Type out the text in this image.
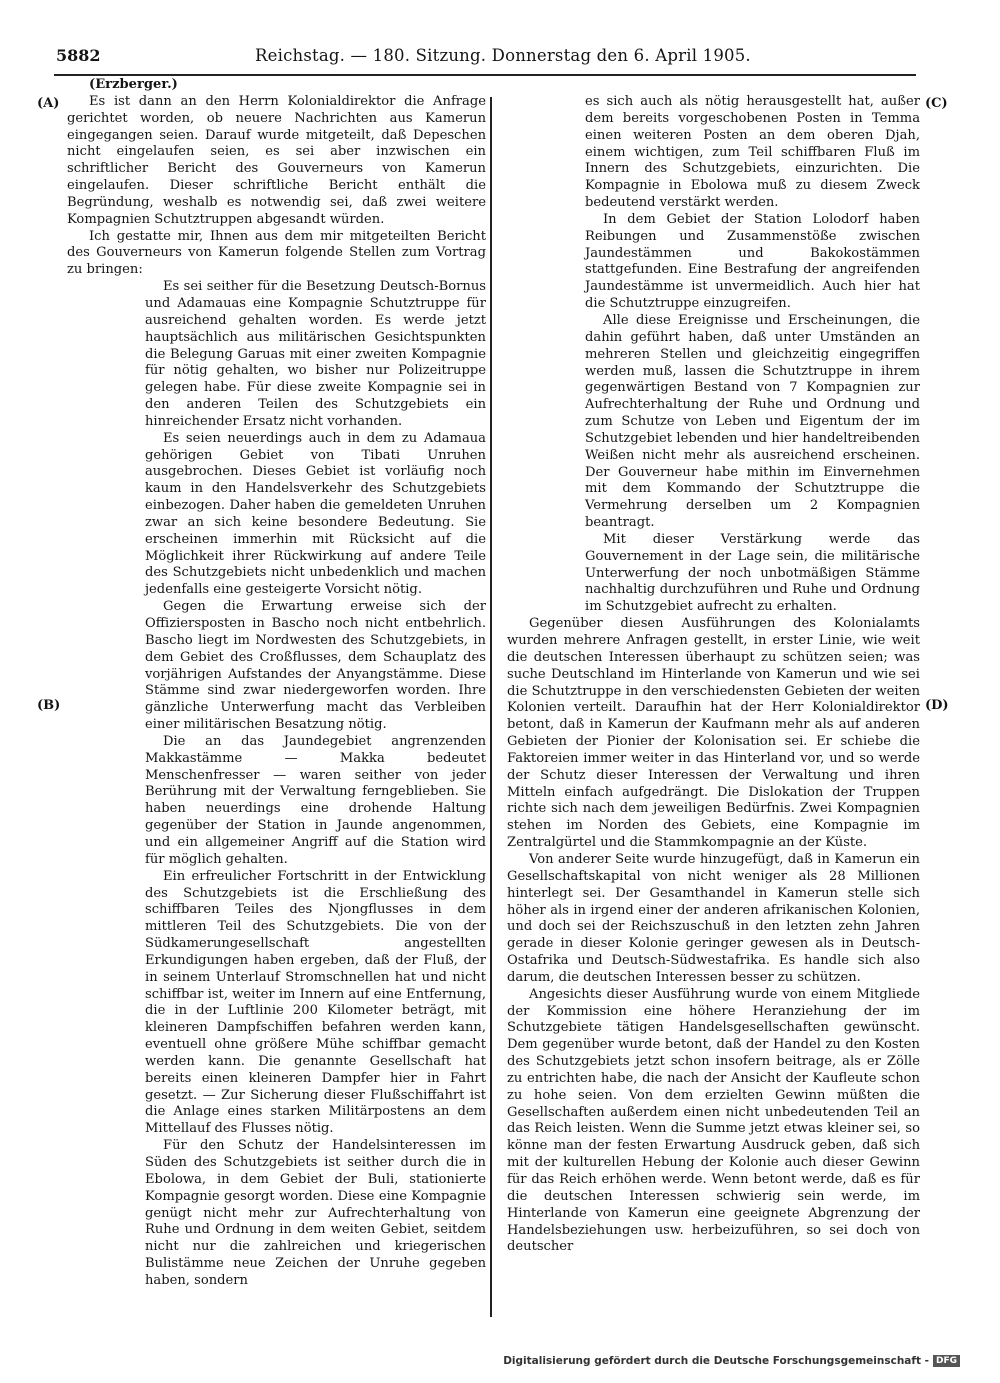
5882	Reichstag. — 180. Sitzung. Donnerstag den 6. April 1905.
(A)
(B)
(C)
(D)

(Erzberger.)

Es ist dann an den Herrn Kolonialdirektor die Anfrage gerichtet worden, ob neuere Nachrichten aus Kamerun eingegangen seien. Darauf wurde mitgeteilt, daß Depeschen nicht eingelaufen seien, es sei aber inzwischen ein schriftlicher Bericht des Gouverneurs von Kamerun eingelaufen. Dieser schriftliche Bericht enthält die Begründung, weshalb es notwendig sei, daß zwei weitere Kompagnien Schutztruppen abgesandt würden.

Ich gestatte mir, Ihnen aus dem mir mitgeteilten Bericht des Gouverneurs von Kamerun folgende Stellen zum Vortrag zu bringen:

Es sei seither für die Besetzung Deutsch-Bornus und Adamauas eine Kompagnie Schutztruppe für ausreichend gehalten worden. Es werde jetzt hauptsächlich aus militärischen Gesichtspunkten die Belegung Garuas mit einer zweiten Kompagnie für nötig gehalten, wo bisher nur Polizeitruppe gelegen habe. Für diese zweite Kompagnie sei in den anderen Teilen des Schutzgebiets ein hinreichender Ersatz nicht vorhanden.

Es seien neuerdings auch in dem zu Adamaua gehörigen Gebiet von Tibati Unruhen ausgebrochen. Dieses Gebiet ist vorläufig noch kaum in den Handelsverkehr des Schutzgebiets einbezogen. Daher haben die gemeldeten Unruhen zwar an sich keine besondere Bedeutung. Sie erscheinen immerhin mit Rücksicht auf die Möglichkeit ihrer Rückwirkung auf andere Teile des Schutzgebiets nicht unbedenklich und machen jedenfalls eine gesteigerte Vorsicht nötig.

Gegen die Erwartung erweise sich der Offiziersposten in Bascho noch nicht entbehrlich. Bascho liegt im Nordwesten des Schutzgebiets, in dem Gebiet des Croßflusses, dem Schauplatz des vorjährigen Aufstandes der Anyangstämme. Diese Stämme sind zwar niedergeworfen worden. Ihre gänzliche Unterwerfung macht das Verbleiben einer militärischen Besatzung nötig.

Die an das Jaundegebiet angrenzenden Makkastämme — Makka bedeutet Menschenfresser — waren seither von jeder Berührung mit der Verwaltung ferngeblieben. Sie haben neuerdings eine drohende Haltung gegenüber der Station in Jaunde angenommen, und ein allgemeiner Angriff auf die Station wird für möglich gehalten.

Ein erfreulicher Fortschritt in der Entwicklung des Schutzgebiets ist die Erschließung des schiffbaren Teiles des Njongflusses in dem mittleren Teil des Schutzgebiets. Die von der Südkamerungesellschaft angestellten Erkundigungen haben ergeben, daß der Fluß, der in seinem Unterlauf Stromschnellen hat und nicht schiffbar ist, weiter im Innern auf eine Entfernung, die in der Luftlinie 200 Kilometer beträgt, mit kleineren Dampfschiffen befahren werden kann, eventuell ohne größere Mühe schiffbar gemacht werden kann. Die genannte Gesellschaft hat bereits einen kleineren Dampfer hier in Fahrt gesetzt. — Zur Sicherung dieser Flußschiffahrt ist die Anlage eines starken Militärpostens an dem Mittellauf des Flusses nötig.

Für den Schutz der Handelsinteressen im Süden des Schutzgebiets ist seither durch die in Ebolowa, in dem Gebiet der Buli, stationierte Kompagnie gesorgt worden. Diese eine Kompagnie genügt nicht mehr zur Aufrechterhaltung von Ruhe und Ordnung in dem weiten Gebiet, seitdem nicht nur die zahlreichen und kriegerischen Bulistämme neue Zeichen der Unruhe gegeben haben, sondern

es sich auch als nötig herausgestellt hat, außer dem bereits vorgeschobenen Posten in Temma einen weiteren Posten an dem oberen Djah, einem wichtigen, zum Teil schiffbaren Fluß im Innern des Schutzgebiets, einzurichten. Die Kompagnie in Ebolowa muß zu diesem Zweck bedeutend verstärkt werden.

In dem Gebiet der Station Lolodorf haben Reibungen und Zusammenstöße zwischen Jaundestämmen und Bakokostämmen stattgefunden. Eine Bestrafung der angreifenden Jaundestämme ist unvermeidlich. Auch hier hat die Schutztruppe einzugreifen.

Alle diese Ereignisse und Erscheinungen, die dahin geführt haben, daß unter Umständen an mehreren Stellen und gleichzeitig eingegriffen werden muß, lassen die Schutztruppe in ihrem gegenwärtigen Bestand von 7 Kompagnien zur Aufrechterhaltung der Ruhe und Ordnung und zum Schutze von Leben und Eigentum der im Schutzgebiet lebenden und hier handeltreibenden Weißen nicht mehr als ausreichend erscheinen. Der Gouverneur habe mithin im Einvernehmen mit dem Kommando der Schutztruppe die Vermehrung derselben um 2 Kompagnien beantragt.

Mit dieser Verstärkung werde das Gouvernement in der Lage sein, die militärische Unterwerfung der noch unbotmäßigen Stämme nachhaltig durchzuführen und Ruhe und Ordnung im Schutzgebiet aufrecht zu erhalten.

Gegenüber diesen Ausführungen des Kolonialamts wurden mehrere Anfragen gestellt, in erster Linie, wie weit die deutschen Interessen überhaupt zu schützen seien; was suche Deutschland im Hinterlande von Kamerun und wie sei die Schutztruppe in den verschiedensten Gebieten der weiten Kolonien verteilt. Daraufhin hat der Herr Kolonialdirektor betont, daß in Kamerun der Kaufmann mehr als auf anderen Gebieten der Pionier der Kolonisation sei. Er schiebe die Faktoreien immer weiter in das Hinterland vor, und so werde der Schutz dieser Interessen der Verwaltung und ihren Mitteln einfach aufgedrängt. Die Dislokation der Truppen richte sich nach dem jeweiligen Bedürfnis. Zwei Kompagnien stehen im Norden des Gebiets, eine Kompagnie im Zentralgürtel und die Stammkompagnie an der Küste.

Von anderer Seite wurde hinzugefügt, daß in Kamerun ein Gesellschaftskapital von nicht weniger als 28 Millionen hinterlegt sei. Der Gesamthandel in Kamerun stelle sich höher als in irgend einer der anderen afrikanischen Kolonien, und doch sei der Reichszuschuß in den letzten zehn Jahren gerade in dieser Kolonie geringer gewesen als in Deutsch-Ostafrika und Deutsch-Südwestafrika. Es handle sich also darum, die deutschen Interessen besser zu schützen.

Angesichts dieser Ausführung wurde von einem Mitgliede der Kommission eine höhere Heranziehung der im Schutzgebiete tätigen Handelsgesellschaften gewünscht. Dem gegenüber wurde betont, daß der Handel zu den Kosten des Schutzgebiets jetzt schon insofern beitrage, als er Zölle zu entrichten habe, die nach der Ansicht der Kaufleute schon zu hohe seien. Von dem erzielten Gewinn müßten die Gesellschaften außerdem einen nicht unbedeutenden Teil an das Reich leisten. Wenn die Summe jetzt etwas kleiner sei, so könne man der festen Erwartung Ausdruck geben, daß sich mit der kulturellen Hebung der Kolonie auch dieser Gewinn für das Reich erhöhen werde. Wenn betont werde, daß es für die deutschen Interessen schwierig sein werde, im Hinterlande von Kamerun eine geeignete Abgrenzung der Handelsbeziehungen usw. herbeizuführen, so sei doch von deutscher

Digitalisierung gefördert durch die Deutsche Forschungsgemeinschaft - DFG
